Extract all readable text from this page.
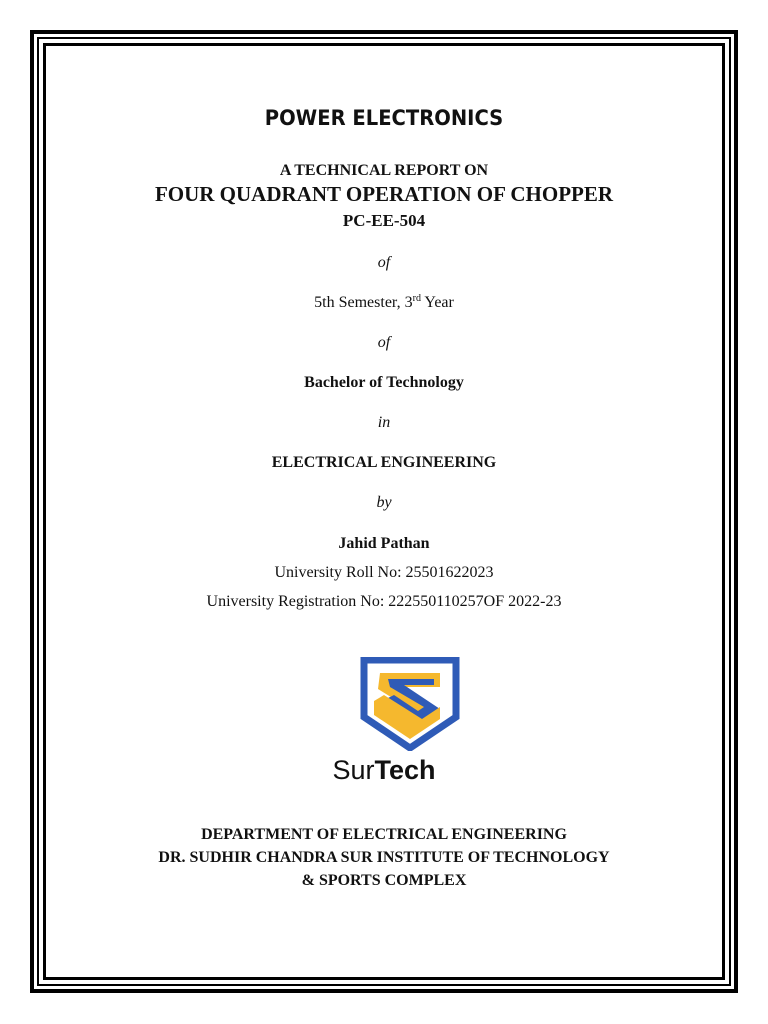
POWER ELECTRONICS
A TECHNICAL REPORT ON
FOUR QUADRANT OPERATION OF CHOPPER
PC-EE-504
of
5th Semester, 3rd Year
of
Bachelor of Technology
in
ELECTRICAL ENGINEERING
by
Jahid Pathan
University Roll No: 25501622023
University Registration No: 222550110257OF 2022-23
SurTech
DEPARTMENT OF ELECTRICAL ENGINEERING
DR. SUDHIR CHANDRA SUR INSTITUTE OF TECHNOLOGY
& SPORTS COMPLEX
